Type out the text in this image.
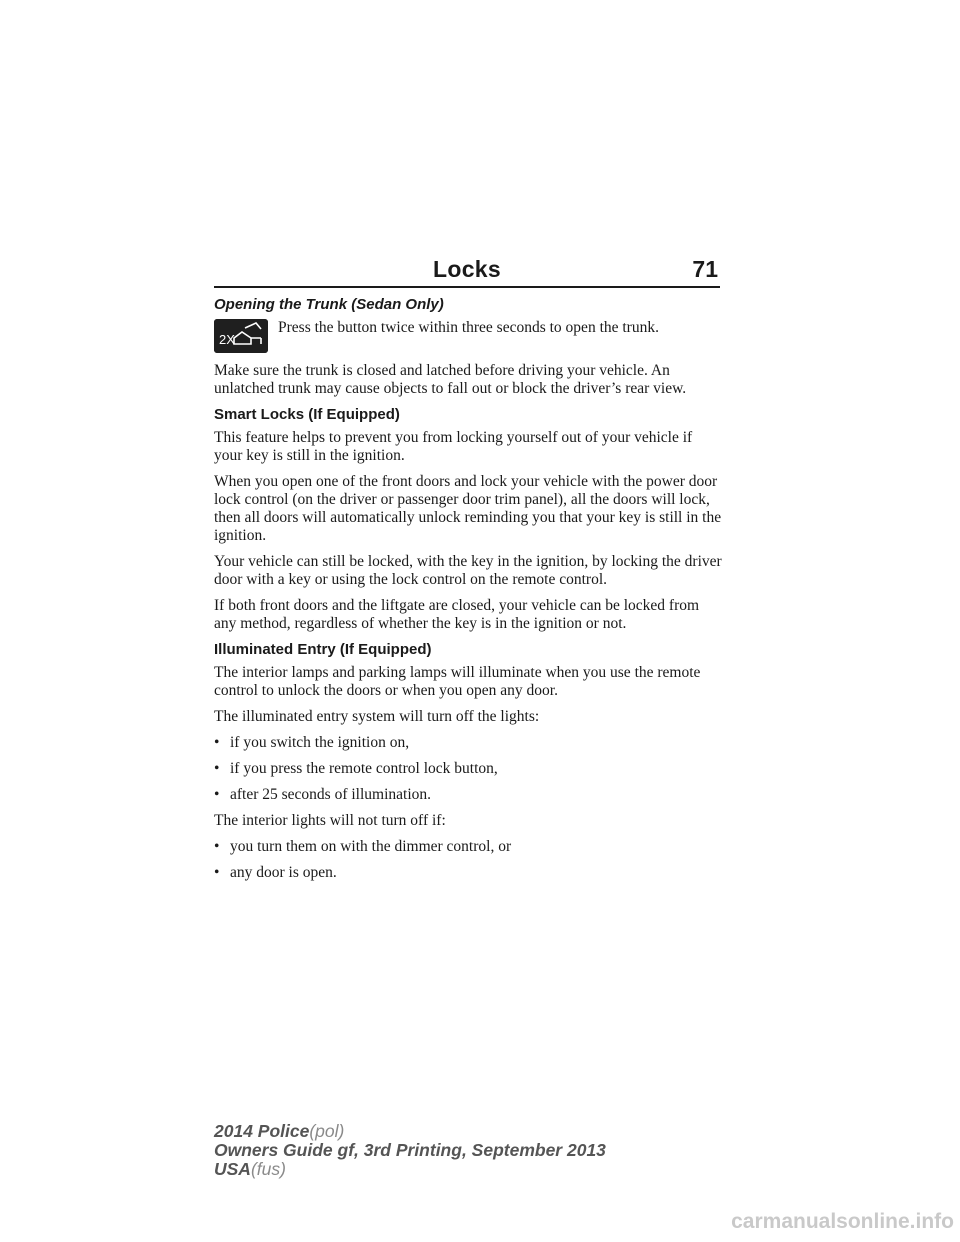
Locks	71
Opening the Trunk (Sedan Only)
2X

Press the button twice within three seconds to open the trunk.

Make sure the trunk is closed and latched before driving your vehicle. An unlatched trunk may cause objects to fall out or block the driver’s rear view.

Smart Locks (If Equipped)

This feature helps to prevent you from locking yourself out of your vehicle if your key is still in the ignition.

When you open one of the front doors and lock your vehicle with the power door lock control (on the driver or passenger door trim panel), all the doors will lock, then all doors will automatically unlock reminding you that your key is still in the ignition.

Your vehicle can still be locked, with the key in the ignition, by locking the driver door with a key or using the lock control on the remote control.

If both front doors and the liftgate are closed, your vehicle can be locked from any method, regardless of whether the key is in the ignition or not.

Illuminated Entry (If Equipped)

The interior lamps and parking lamps will illuminate when you use the remote control to unlock the doors or when you open any door.

The illuminated entry system will turn off the lights:

• if you switch the ignition on,
• if you press the remote control lock button,
• after 25 seconds of illumination.

The interior lights will not turn off if:

• you turn them on with the dimmer control, or
• any door is open.
2014 Police(pol)
Owners Guide gf, 3rd Printing, September 2013
USA(fus)
carmanualsonline.info
